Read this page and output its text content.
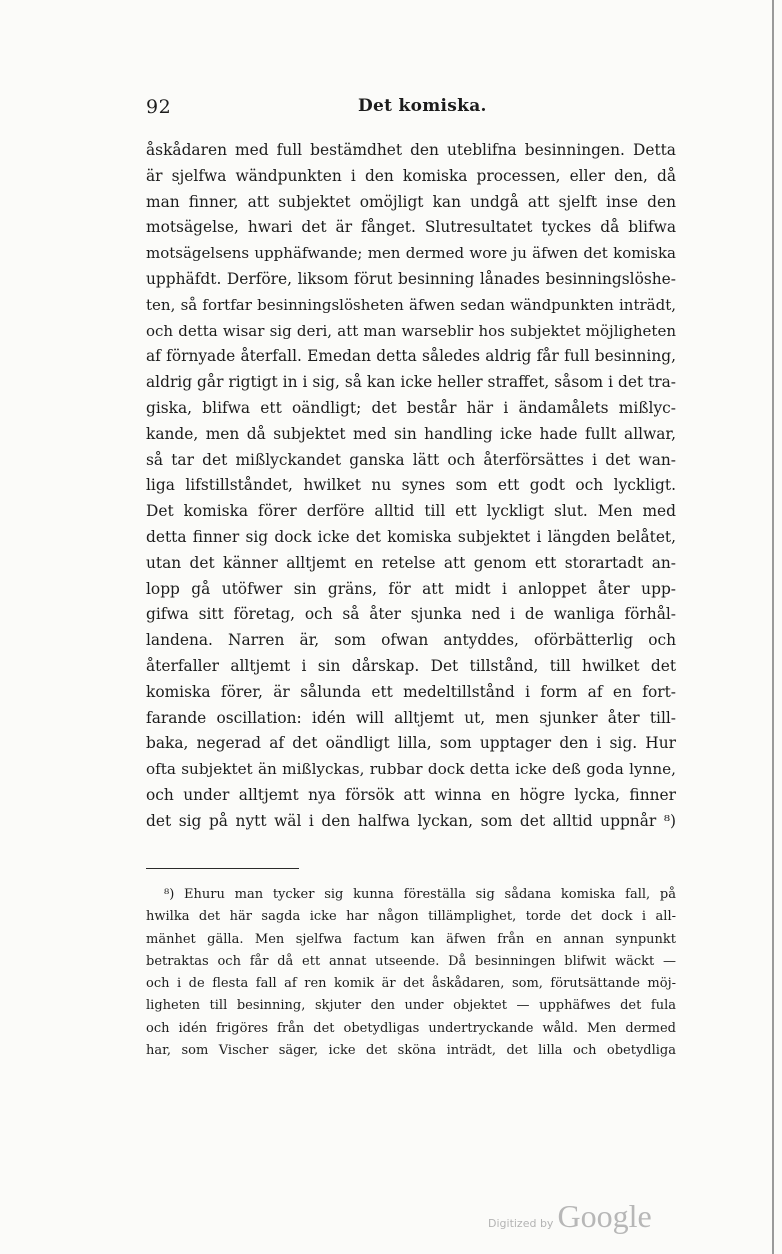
92	Det komiska.
åskådaren med full bestämdhet den uteblifna besinningen. Detta
är sjelfwa wändpunkten i den komiska processen, eller den, då
man finner, att subjektet omöjligt kan undgå att sjelft inse den
motsägelse, hwari det är fånget. Slutresultatet tyckes då blifwa
motsägelsens upphäfwande; men dermed wore ju äfwen det komiska
upphäfdt. Derföre, liksom förut besinning lånades besinningslöshe-
ten, så fortfar besinningslösheten äfwen sedan wändpunkten inträdt,
och detta wisar sig deri, att man warseblir hos subjektet möjligheten
af förnyade återfall. Emedan detta således aldrig får full besinning,
aldrig går rigtigt in i sig, så kan icke heller straffet, såsom i det tra-
giska, blifwa ett oändligt; det består här i ändamålets mißlyc-
kande, men då subjektet med sin handling icke hade fullt allwar,
så tar det mißlyckandet ganska lätt och återförsättes i det wan-
liga lifstillståndet, hwilket nu synes som ett godt och lyckligt.
Det komiska förer derföre alltid till ett lyckligt slut. Men med
detta finner sig dock icke det komiska subjektet i längden belåtet,
utan det känner alltjemt en retelse att genom ett storartadt an-
lopp gå utöfwer sin gräns, för att midt i anloppet åter upp-
gifwa sitt företag, och så åter sjunka ned i de wanliga förhål-
landena. Narren är, som ofwan antyddes, oförbätterlig och
återfaller alltjemt i sin dårskap. Det tillstånd, till hwilket det
komiska förer, är sålunda ett medeltillstånd i form af en fort-
farande oscillation: idén will alltjemt ut, men sjunker åter till-
baka, negerad af det oändligt lilla, som upptager den i sig. Hur
ofta subjektet än mißlyckas, rubbar dock detta icke deß goda lynne,
och under alltjemt nya försök att winna en högre lycka, finner
det sig på nytt wäl i den halfwa lyckan, som det alltid uppnår ⁸)
⁸) Ehuru man tycker sig kunna föreställa sig sådana komiska fall, på
hwilka det här sagda icke har någon tillämplighet, torde det dock i all-
mänhet gälla. Men sjelfwa factum kan äfwen från en annan synpunkt
betraktas och får då ett annat utseende. Då besinningen blifwit wäckt —
och i de flesta fall af ren komik är det åskådaren, som, förutsättande möj-
ligheten till besinning, skjuter den under objektet — upphäfwes det fula
och idén frigöres från det obetydligas undertryckande wåld. Men dermed
har, som Vischer säger, icke det sköna inträdt, det lilla och obetydliga
Digitized by Google
